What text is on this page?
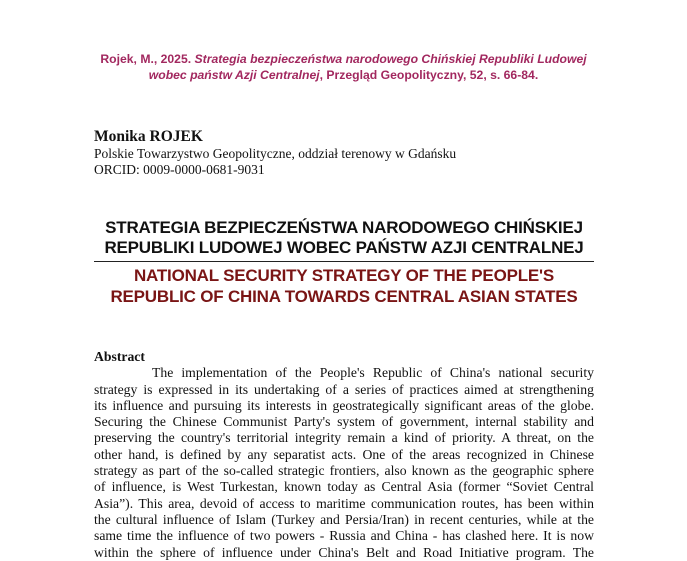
Rojek, M., 2025. Strategia bezpieczeństwa narodowego Chińskiej Republiki Ludowej
wobec państw Azji Centralnej, Przegląd Geopolityczny, 52, s. 66-84.
Monika ROJEK
Polskie Towarzystwo Geopolityczne, oddział terenowy w Gdańsku
ORCID: 0009-0000-0681-9031
STRATEGIA BEZPIECZEŃSTWA NARODOWEGO CHIŃSKIEJ
REPUBLIKI LUDOWEJ WOBEC PAŃSTW AZJI CENTRALNEJ
NATIONAL SECURITY STRATEGY OF THE PEOPLE'S
REPUBLIC OF CHINA TOWARDS CENTRAL ASIAN STATES
Abstract
The implementation of the People's Republic of China's national security
strategy is expressed in its undertaking of a series of practices aimed at strengthening
its influence and pursuing its interests in geostrategically significant areas of the globe.
Securing the Chinese Communist Party's system of government, internal stability and
preserving the country's territorial integrity remain a kind of priority. A threat, on the
other hand, is defined by any separatist acts. One of the areas recognized in Chinese
strategy as part of the so-called strategic frontiers, also known as the geographic sphere
of influence, is West Turkestan, known today as Central Asia (former “Soviet Central
Asia”). This area, devoid of access to maritime communication routes, has been within
the cultural influence of Islam (Turkey and Persia/Iran) in recent centuries, while at the
same time the influence of two powers - Russia and China - has clashed here. It is now
within the sphere of influence under China's Belt and Road Initiative program. The
